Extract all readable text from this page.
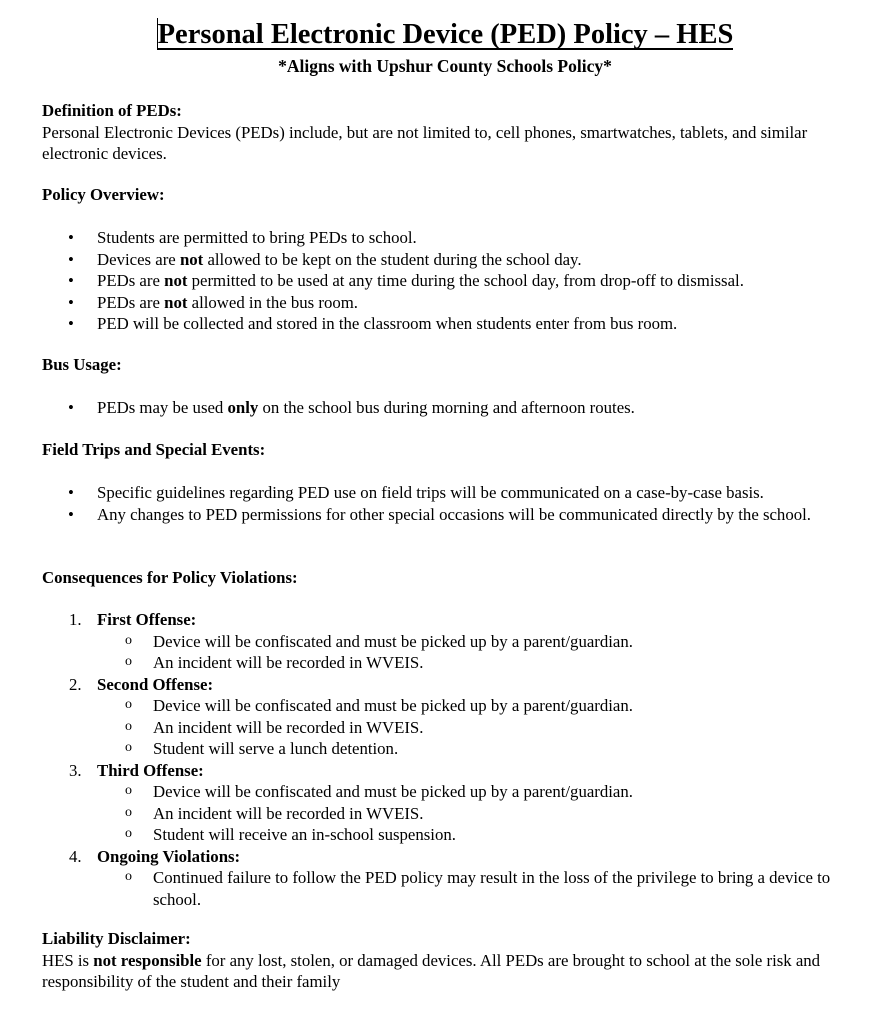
Personal Electronic Device (PED) Policy – HES
*Aligns with Upshur County Schools Policy*
Definition of PEDs:

Personal Electronic Devices (PEDs) include, but are not limited to, cell phones, smartwatches, tablets, and similar electronic devices.

Policy Overview:
• Students are permitted to bring PEDs to school.
• Devices are not allowed to be kept on the student during the school day.
• PEDs are not permitted to be used at any time during the school day, from drop-off to dismissal.
• PEDs are not allowed in the bus room.
• PED will be collected and stored in the classroom when students enter from bus room.
Bus Usage:
• PEDs may be used only on the school bus during morning and afternoon routes.
Field Trips and Special Events:
• Specific guidelines regarding PED use on field trips will be communicated on a case-by-case basis.
• Any changes to PED permissions for other special occasions will be communicated directly by the school.
Consequences for Policy Violations:
1. First Offense:
o Device will be confiscated and must be picked up by a parent/guardian.
o An incident will be recorded in WVEIS.
2. Second Offense:
o Device will be confiscated and must be picked up by a parent/guardian.
o An incident will be recorded in WVEIS.
o Student will serve a lunch detention.
3. Third Offense:
o Device will be confiscated and must be picked up by a parent/guardian.
o An incident will be recorded in WVEIS.
o Student will receive an in-school suspension.
4. Ongoing Violations:
o Continued failure to follow the PED policy may result in the loss of the privilege to bring a device to school.
Liability Disclaimer:

HES is not responsible for any lost, stolen, or damaged devices. All PEDs are brought to school at the sole risk and responsibility of the student and their family
